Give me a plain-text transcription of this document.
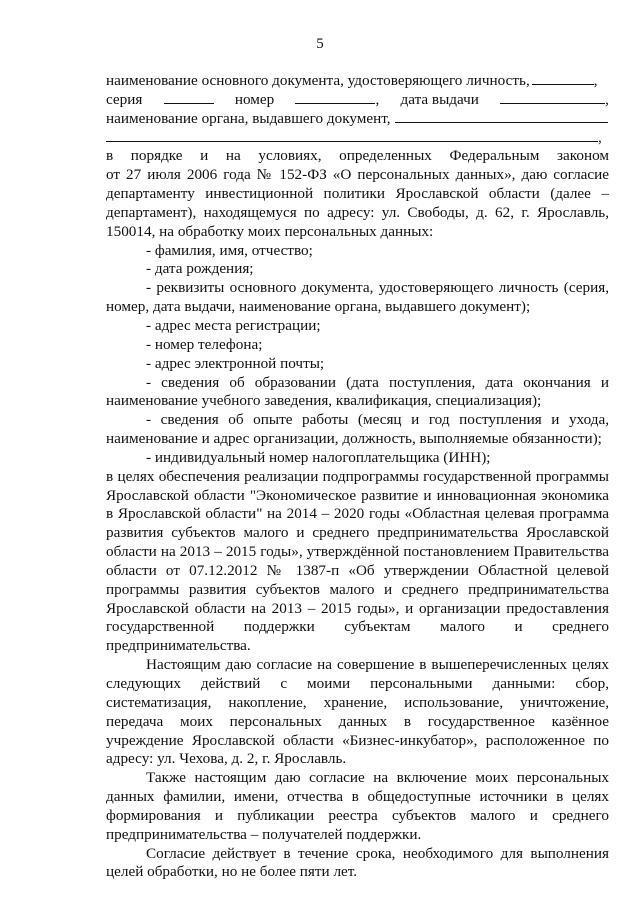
5
наименование основного документа, удостоверяющего личность,	,
серия	номер	, дата выдачи	,
наименование органа, выдавшего документ,
,
в порядке и на условиях, определенных Федеральным законом
от 27 июля 2006 года № 152-ФЗ «О персональных данных», даю согласие
департаменту инвестиционной политики Ярославской области (далее –
департамент), находящемуся по адресу: ул. Свободы, д. 62, г. Ярославль,
150014, на обработку моих персональных данных:
- фамилия, имя, отчество;
- дата рождения;
- реквизиты основного документа, удостоверяющего личность (серия,
номер, дата выдачи, наименование органа, выдавшего документ);
- адрес места регистрации;
- номер телефона;
- адрес электронной почты;
- сведения об образовании (дата поступления, дата окончания и
наименование учебного заведения, квалификация, специализация);
- сведения об опыте работы (месяц и год поступления и ухода,
наименование и адрес организации, должность, выполняемые обязанности);
- индивидуальный номер налогоплательщика (ИНН);
в целях обеспечения реализации подпрограммы государственной программы
Ярославской области "Экономическое развитие и инновационная экономика
в Ярославской области" на 2014 – 2020 годы «Областная целевая программа
развития субъектов малого и среднего предпринимательства Ярославской
области на 2013 – 2015 годы», утверждённой постановлением Правительства
области от 07.12.2012 № 1387-п «Об утверждении Областной целевой
программы развития субъектов малого и среднего предпринимательства
Ярославской области на 2013 – 2015 годы», и организации предоставления
государственной поддержки субъектам малого и среднего
предпринимательства.
Настоящим даю согласие на совершение в вышеперечисленных целях
следующих действий с моими персональными данными: сбор,
систематизация, накопление, хранение, использование, уничтожение,
передача моих персональных данных в государственное казённое
учреждение Ярославской области «Бизнес-инкубатор», расположенное по
адресу: ул. Чехова, д. 2, г. Ярославль.
Также настоящим даю согласие на включение моих персональных
данных фамилии, имени, отчества в общедоступные источники в целях
формирования и публикации реестра субъектов малого и среднего
предпринимательства – получателей поддержки.
Согласие действует в течение срока, необходимого для выполнения
целей обработки, но не более пяти лет.
